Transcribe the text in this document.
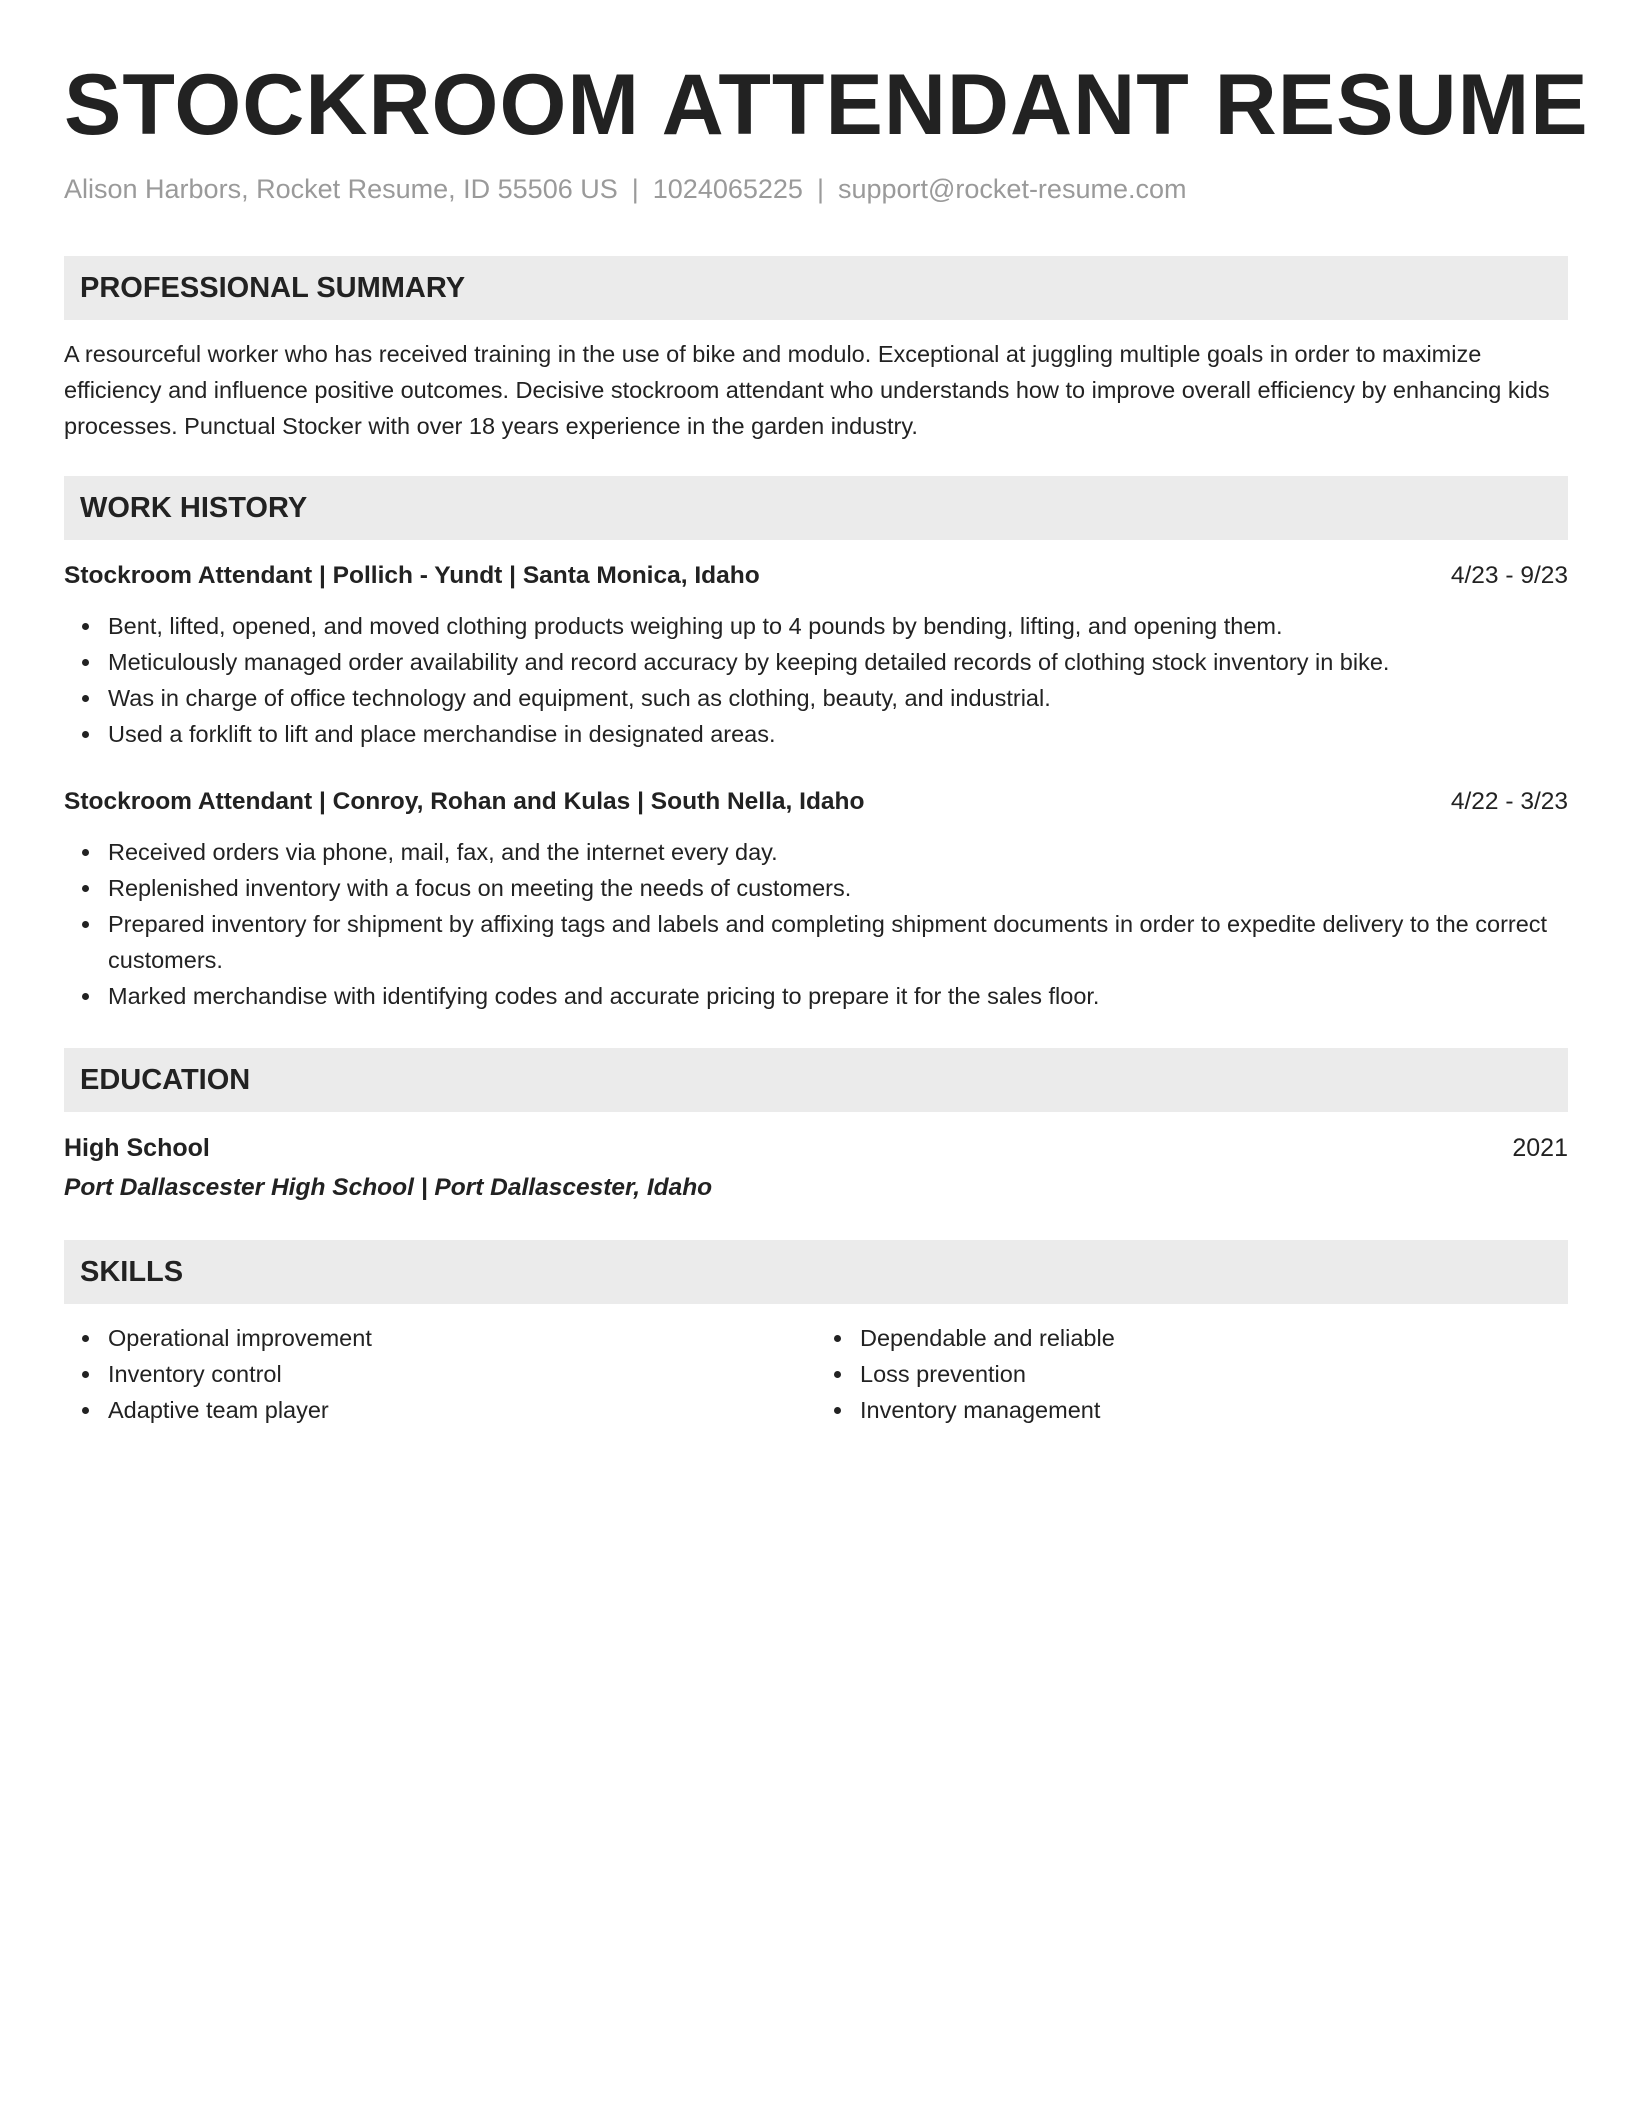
STOCKROOM ATTENDANT RESUME
Alison Harbors, Rocket Resume, ID 55506 US | 1024065225 | support@rocket-resume.com
PROFESSIONAL SUMMARY

A resourceful worker who has received training in the use of bike and modulo. Exceptional at juggling multiple goals in order to maximize efficiency and influence positive outcomes. Decisive stockroom attendant who understands how to improve overall efficiency by enhancing kids processes. Punctual Stocker with over 18 years experience in the garden industry.

WORK HISTORY
Stockroom Attendant | Pollich - Yundt | Santa Monica, Idaho	4/23 - 9/23
Bent, lifted, opened, and moved clothing products weighing up to 4 pounds by bending, lifting, and opening them.
Meticulously managed order availability and record accuracy by keeping detailed records of clothing stock inventory in bike.
Was in charge of office technology and equipment, such as clothing, beauty, and industrial.
Used a forklift to lift and place merchandise in designated areas.
Stockroom Attendant | Conroy, Rohan and Kulas | South Nella, Idaho	4/22 - 3/23
Received orders via phone, mail, fax, and the internet every day.
Replenished inventory with a focus on meeting the needs of customers.
Prepared inventory for shipment by affixing tags and labels and completing shipment documents in order to expedite delivery to the correct customers.
Marked merchandise with identifying codes and accurate pricing to prepare it for the sales floor.
EDUCATION
High School	2021
Port Dallascester High School | Port Dallascester, Idaho
SKILLS
Operational improvement
Inventory control
Adaptive team player
Dependable and reliable
Loss prevention
Inventory management
